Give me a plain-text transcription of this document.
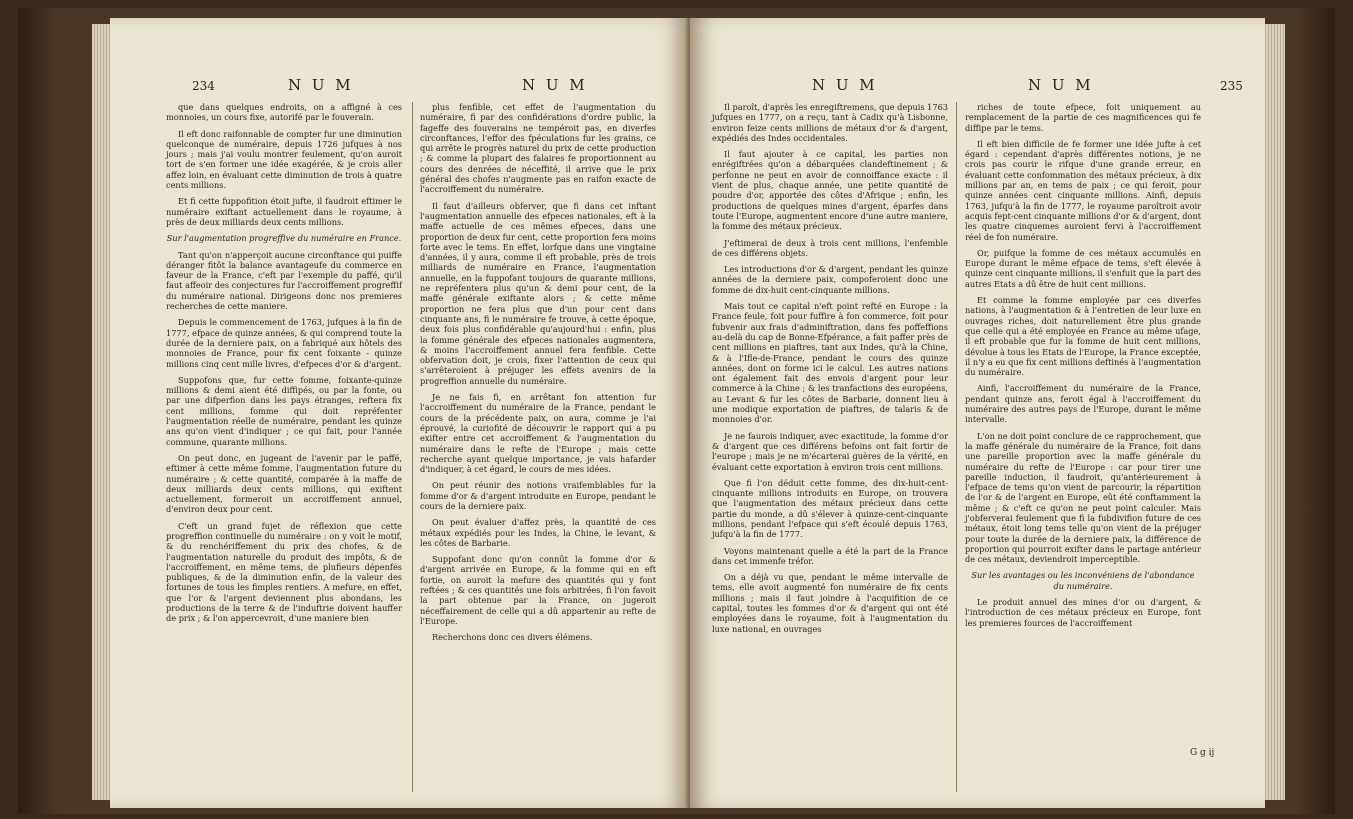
234	N U M	N U M

que dans quelques endroits, on a affigné à ces monnoies, un cours fixe, autorifé par le fouverain.

Il eft donc raifonnable de compter fur une diminution quelconque de numéraire, depuis 1726 jufques à nos jours ; mais j'ai voulu montrer feulement, qu'on auroit tort de s'en former une idée exagérée, & je crois aller affez loin, en évaluant cette diminution de trois à quatre cents millions.

Et fi cette fuppofition étoit jufte, il faudroit eftimer le numéraire exiftant actuellement dans le royaume, à près de deux milliards deux cents millions.

Sur l'augmentation progreffive du numéraire en France.

Tant qu'on n'apperçoit aucune circonftance qui puiffe déranger fitôt la balance avantageufe du commerce en faveur de la France, c'eft par l'exemple du paffé, qu'il faut affeoir des conjectures fur l'accroiffement progreffif du numéraire national. Dirigeons donc nos premieres recherches de cette maniere.

Depuis le commencement de 1763, jufques à la fin de 1777, efpace de quinze années, & qui comprend toute la durée de la derniere paix, on a fabriqué aux hôtels des monnoies de France, pour fix cent foixante - quinze millions cinq cent mille livres, d'efpeces d'or & d'argent.

Suppofons que, fur cette fomme, foixante-quinze millions & demi aient été diffipés, ou par la fonte, ou par une difperfion dans les pays étranges, reftera fix cent millions, fomme qui doit repréfenter l'augmentation réelle de numéraire, pendant les quinze ans qu'on vient d'indiquer ; ce qui fait, pour l'année commune, quarante millions.

On peut donc, en jugeant de l'avenir par le paffé, eftimer à cette même fomme, l'augmentation future du numéraire ; & cette quantité, comparée à la maffe de deux milliards deux cents millions, qui exiftent actuellement, formeroit un accroiffement annuel, d'environ deux pour cent.

C'eft un grand fujet de réflexion que cette progreffion continuelle du numéraire : on y voit le motif, & du renchériffement du prix des chofes, & de l'augmentation naturelle du produit des impôts, & de l'accroiffement, en même tems, de plufieurs dépenfes publiques, & de la diminution enfin, de la valeur des fortunes de tous les fimples rentiers. A mefure, en effet, que l'or & l'argent deviennent plus abondans, les productions de la terre & de l'induftrie doivent hauffer de prix ; & l'on appercevroit, d'une maniere bien

plus fenfible, cet effet de l'augmentation du numéraire, fi par des confidérations d'ordre public, la fageffe des fouverains ne tempéroit pas, en diverfes circonftances, l'effor des fpéculations fur les grains, ce qui arrête le progrès naturel du prix de cette production ; & comme la plupart des falaires fe proportionnent au cours des denrées de néceffité, il arrive que le prix général des chofes n'augmente pas en raifon exacte de l'accroiffement du numéraire.

Il faut d'ailleurs obferver, que fi dans cet inftant l'augmentation annuelle des efpeces nationales, eft à la maffe actuelle de ces mêmes efpeces, dans une proportion de deux fur cent, cette proportion fera moins forte avec le tems. En effet, lorfque dans une vingtaine d'années, il y aura, comme il eft probable, près de trois milliards de numéraire en France, l'augmentation annuelle, en la fuppofant toujours de quarante millions, ne repréfentera plus qu'un & demi pour cent, de la maffe générale exiftante alors ; & cette même proportion ne fera plus que d'un pour cent dans cinquante ans, fi le numéraire fe trouve, à cette époque, deux fois plus confidérable qu'aujourd'hui : enfin, plus la fomme générale des efpeces nationales augmentera, & moins l'accroiffement annuel fera fenfible. Cette obfervation doit, je crois, fixer l'attention de ceux qui s'arrêteroient à préjuger les effets avenirs de la progreffion annuelle du numéraire.

Je ne fais fi, en arrêtant fon attention fur l'accroiffement du numéraire de la France, pendant le cours de la précédente paix, on aura, comme je l'ai éprouvé, la curiofité de découvrir le rapport qui a pu exifter entre cet accroiffement & l'augmentation du numéraire dans le refte de l'Europe ; mais cette recherche ayant quelque importance, je vais hafarder d'indiquer, à cet égard, le cours de mes idées.

On peut réunir des notions vraifemblables fur la fomme d'or & d'argent introduite en Europe, pendant le cours de la derniere paix.

On peut évaluer d'affez près, la quantité de ces métaux expédiés pour les Indes, la Chine, le levant, & les côtes de Barbarie.

Suppofant donc qu'on connût la fomme d'or & d'argent arrivée en Europe, & la fomme qui en eft fortie, on auroit la mefure des quantités qui y font reftées ; & ces quantités une fois arbitrées, fi l'on favoit la part obtenue par la France, on jugeroit néceffairement de celle qui a dû appartenir au refte de l'Europe.

Recherchons donc ces divers élémens.

N U M	N U M	235

Il paroît, d'après les enregiftremens, que depuis 1763 jufques en 1777, on a reçu, tant à Cadix qu'à Lisbonne, environ feize cents millions de métaux d'or & d'argent, expédiés des Indes occidentales.

Il faut ajouter à ce capital, les parties non enrégiftrées qu'on a débarquées clandeftinement ; & perfonne ne peut en avoir de connoiffance exacte : il vient de plus, chaque année, une petite quantité de poudre d'or, apportée des côtes d'Afrique ; enfin, les productions de quelques mines d'argent, éparfes dans toute l'Europe, augmentent encore d'une autre maniere, la fomme des métaux précieux.

J'eftimerai de deux à trois cent millions, l'enfemble de ces différens objets.

Les introductions d'or & d'argent, pendant les quinze années de la derniere paix, compoferoient donc une fomme de dix-huit cent-cinquante millions.

Mais tout ce capital n'eft point refté en Europe : la France feule, foit pour fuffire à fon commerce, foit pour fubvenir aux frais d'adminiftration, dans fes poffeffions au-delà du cap de Bonne-Efpérance, a fait paffer près de cent millions en piaftres, tant aux Indes, qu'à la Chine, & à l'Ifle-de-France, pendant le cours des quinze années, dont on forme ici le calcul. Les autres nations ont également fait des envois d'argent pour leur commerce à la Chine ; & les tranfactions des européens, au Levant & fur les côtes de Barbarie, donnent lieu à une modique exportation de piaftres, de talaris & de monnoies d'or.

Je ne faurois indiquer, avec exactitude, la fomme d'or & d'argent que ces différens befoins ont fait fortir de l'europe ; mais je ne m'écarterai guères de la vérité, en évaluant cette exportation à environ trois cent millions.

Que fi l'on déduit cette fomme, des dix-huit-cent-cinquante millions introduits en Europe, on trouvera que l'augmentation des métaux précieux dans cette partie du monde, a dû s'élever à quinze-cent-cinquante millions, pendant l'efpace qui s'eft écoulé depuis 1763, jufqu'à la fin de 1777.

Voyons maintenant quelle a été la part de la France dans cet immenfe tréfor.

On a déjà vu que, pendant le même intervalle de tems, elle avoit augmenté fon numéraire de fix cents millions ; mais il faut joindre à l'acquifition de ce capital, toutes les fommes d'or & d'argent qui ont été employées dans le royaume, foit à l'augmentation du luxe national, en ouvrages

riches de toute efpece, foit uniquement au remplacement de la partie de ces magnificences qui fe diffipe par le tems.

Il eft bien difficile de fe former une idée jufte à cet égard : cependant d'après différentes notions, je ne crois pas courir le rifque d'une grande erreur, en évaluant cette confommation des métaux précieux, à dix millions par an, en tems de paix ; ce qui feroit, pour quinze années cent cinquante millions. Ainfi, depuis 1763, jufqu'à la fin de 1777, le royaume paroîtroit avoir acquis fept-cent cinquante millions d'or & d'argent, dont les quatre cinquemes auroient fervi à l'accroiffement réel de fon numéraire.

Or, puifque la fomme de ces métaux accumulés en Europe durant le même efpace de tems, s'eft élevée à quinze cent cinquante millions, il s'enfuit que la part des autres Etats a dû être de huit cent millions.

Et comme la fomme employée par ces diverfes nations, à l'augmentation & à l'entretien de leur luxe en ouvrages riches, doit naturellement être plus grande que celle qui a été employée en France au même ufage, il eft probable que fur la fomme de huit cent millions, dévolue à tous les Etats de l'Europe, la France exceptée, il n'y a eu que fix cent millions deftinés à l'augmentation du numéraire.

Ainfi, l'accroiffement du numéraire de la France, pendant quinze ans, feroit égal à l'accroiffement du numéraire des autres pays de l'Europe, durant le même intervalle.

L'on ne doit point conclure de ce rapprochement, que la maffe générale du numéraire de la France, foit dans une pareille proportion avec la maffe générale du numéraire du refte de l'Europe : car pour tirer une pareille induction, il faudroit, qu'antérieurement à l'efpace de tems qu'on vient de parcourir, la répartition de l'or & de l'argent en Europe, eût été conftamment la même ; & c'eft ce qu'on ne peut point calculer. Mais j'obferverai feulement que fi la fubdivifion future de ces métaux, étoit long tems telle qu'on vient de la préjuger pour toute la durée de la derniere paix, la différence de proportion qui pourroit exifter dans le partage antérieur de ces métaux, deviendroit imperceptible.

Sur les avantages ou les inconvéniens de l'abondance du numéraire.

Le produit annuel des mines d'or ou d'argent, & l'introduction de ces métaux précieux en Europe, font les premieres fources de l'accroiffement

G g ij
